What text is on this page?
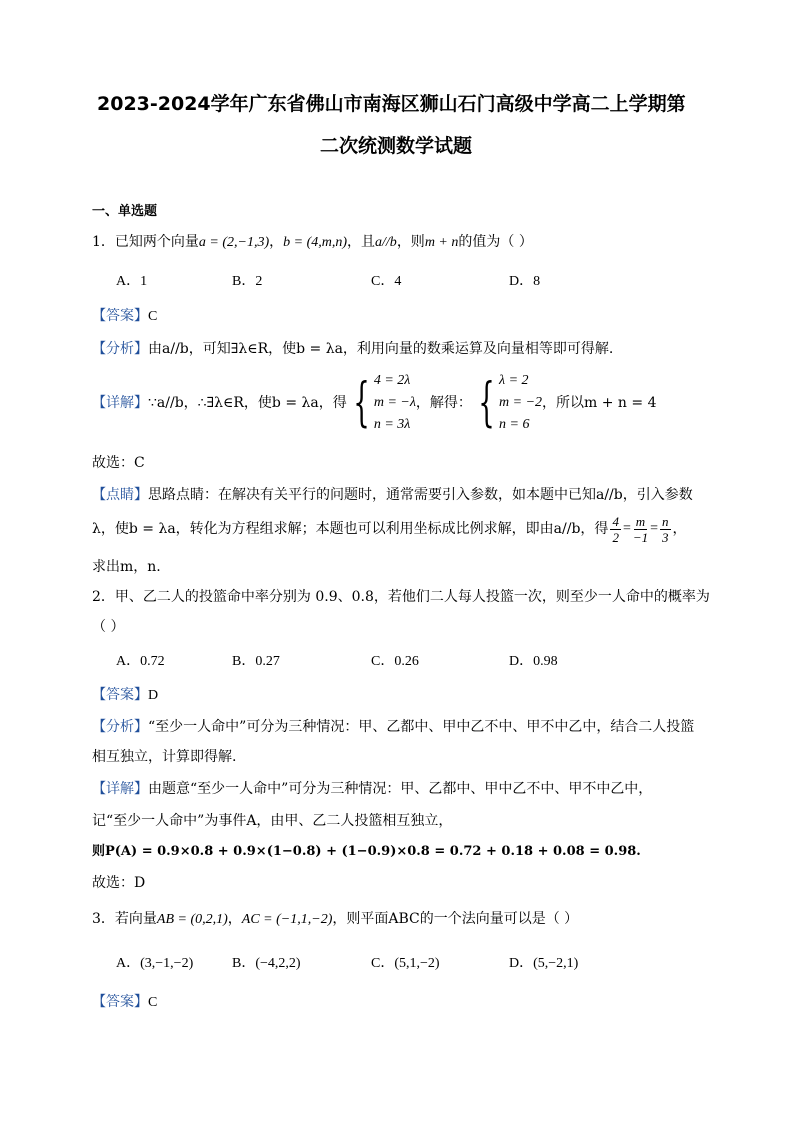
2023-2024学年广东省佛山市南海区狮山石门高级中学高二上学期第
二次统测数学试题
一、单选题
1．已知两个向量a = (2,−1,3)，b = (4,m,n)，且a//b，则m + n的值为（ ）
A．1	B．2	C．4	D．8
【答案】C
【分析】由a//b，可知∃λ∈R，使b = λa，利用向量的数乘运算及向量相等即可得解.
【详解】 ∵a//b，∴∃λ∈R，使b = λa，得 { 4 = 2λ
m = −λ
n = 3λ
，解得： { λ = 2
m = −2
n = 6
，所以m + n = 4
故选：C
【点睛】思路点睛：在解决有关平行的问题时，通常需要引入参数，如本题中已知a//b，引入参数
λ，使b = λa，转化为方程组求解；本题也可以利用坐标成比例求解，即由a//b，得 $\frac{4}{2} = \frac{m}{-1} = \frac{n}{3}$ ，
求出m，n.
2．甲、乙二人的投篮命中率分别为 0.9、0.8，若他们二人每人投篮一次，则至少一人命中的概率为
（ ）
A．0.72	B．0.27	C．0.26	D．0.98
【答案】D
【分析】“至少一人命中”可分为三种情况：甲、乙都中、甲中乙不中、甲不中乙中，结合二人投篮
相互独立，计算即得解.
【详解】由题意“至少一人命中”可分为三种情况：甲、乙都中、甲中乙不中、甲不中乙中，
记“至少一人命中”为事件A，由甲、乙二人投篮相互独立，
则P(A) = 0.9×0.8 + 0.9×(1−0.8) + (1−0.9)×0.8 = 0.72 + 0.18 + 0.08 = 0.98.
故选：D
3．若向量AB = (0,2,1)，AC = (−1,1,−2)，则平面ABC的一个法向量可以是（ ）
A．(3,−1,−2)	B．(−4,2,2)	C．(5,1,−2)	D．(5,−2,1)
【答案】C
